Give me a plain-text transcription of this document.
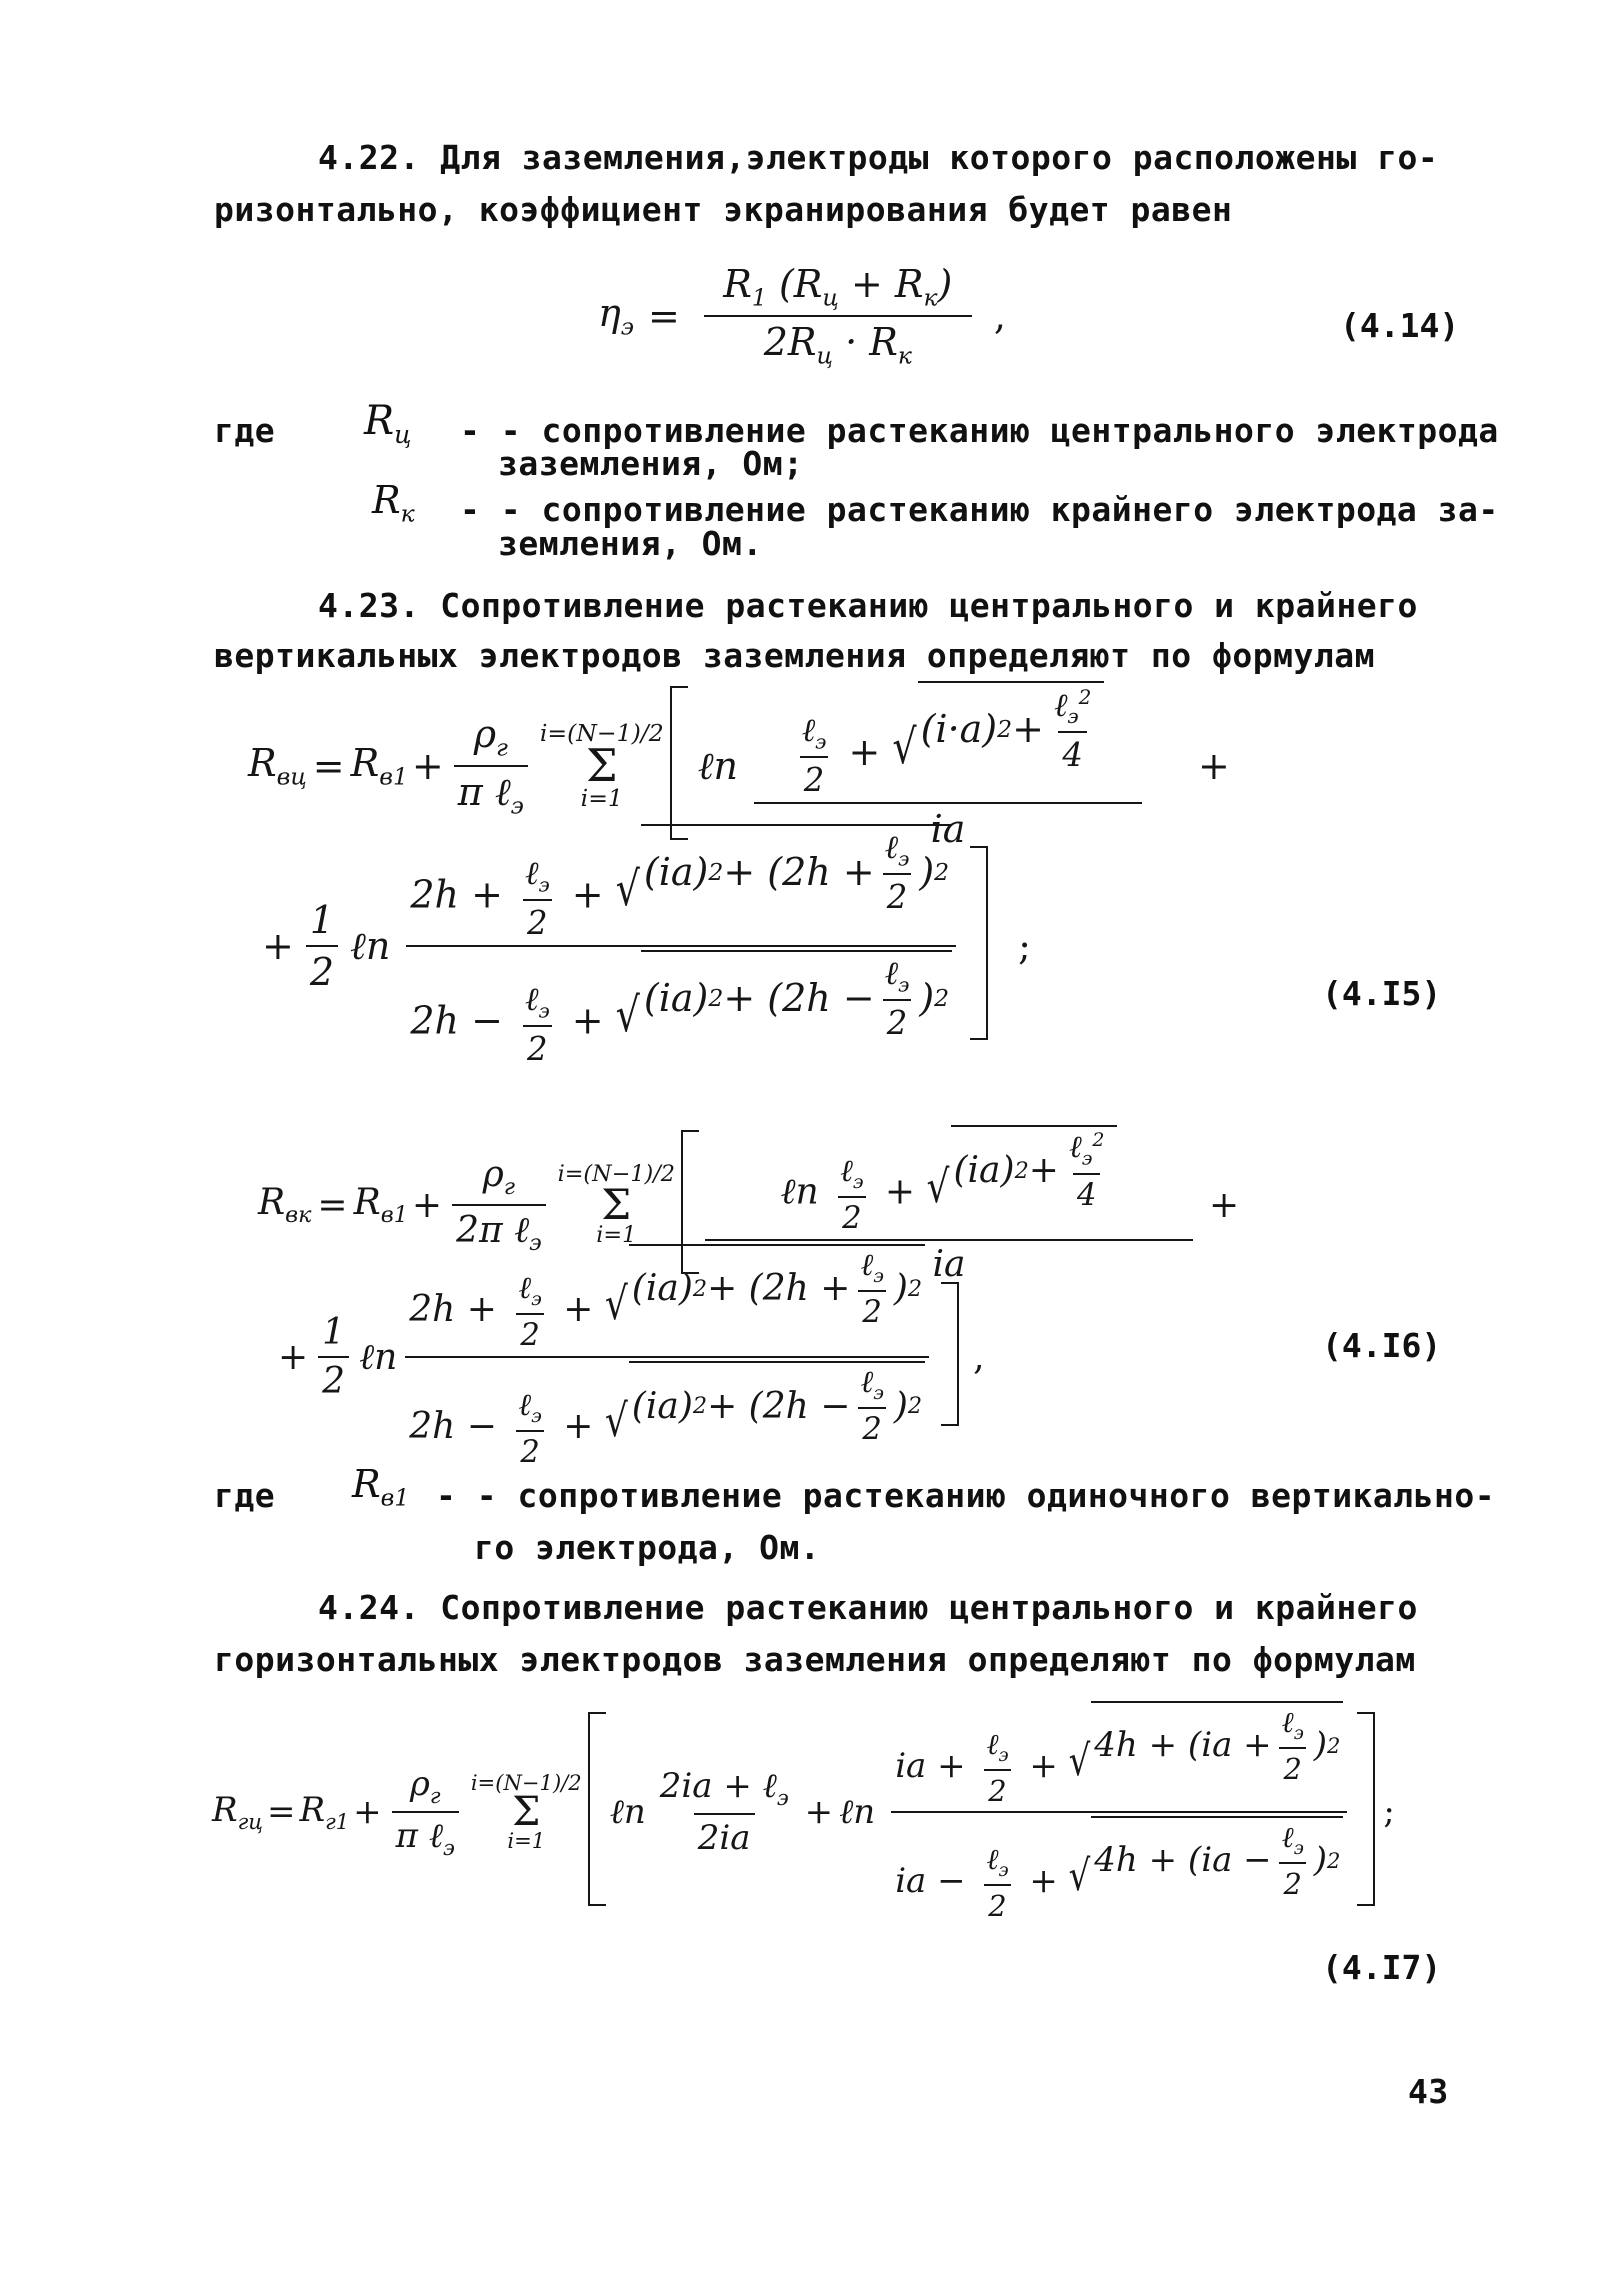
4.22. Для заземления,электроды которого расположены го-
ризонтально, коэффициент экранирования будет равен
$\eta_э = \frac{R_1 (R_ц + R_к)}{2R_ц \cdot R_к}$ ,	(4.14)
где $R_ц$ - - сопротивление растеканию центрального электрода
заземления, Ом;
$R_к$ - - сопротивление растеканию крайнего электрода за-
земления, Ом.
4.23. Сопротивление растеканию центрального и крайнего
вертикальных электродов заземления определяют по формулам
$R_{вц} = R_{в1} + \frac{\rho_г}{\pi \ell_э} i=(N-1)/2$
Σ
i=1
ℓn $\frac{\frac{\ell_э}{2} + √ (i\cdot a) 2 + \frac{\ell_э^2}{4}}{ia}$ +
+ $\frac{1}{2}$ ℓn $\frac{2h + \frac{\ell_э}{2} + √ (ia) 2 + (2h + \frac{\ell_э}{2} ) 2}{2h - \frac{\ell_э}{2} + √ (ia) 2 + (2h - \frac{\ell_э}{2} ) 2}$ ;
(4.I5)
$R_{вк} = R_{в1} + \frac{\rho_г}{2\pi \ell_э} i=(N-1)/2$
Σ
$i=1 \frac{\ell n \frac{\ell_э}{2} + √ (ia) 2 + \frac{\ell_э^2}{4}}{ia}$ +
+ $\frac{1}{2}$ ℓn $\frac{2h + \frac{\ell_э}{2} + √ (ia) 2 + (2h + \frac{\ell_э}{2} ) 2}{2h - \frac{\ell_э}{2} + √ (ia) 2 + (2h - \frac{\ell_э}{2} ) 2}$ ,	(4.I6)
где $R_{в1}$ - - сопротивление растеканию одиночного вертикально-
го электрода, Ом.
4.24. Сопротивление растеканию центрального и крайнего
горизонтальных электродов заземления определяют по формулам
$R_{гц} = R_{г1} + \frac{\rho_г}{\pi \ell_э} i=(N-1)/2$
Σ
i=1
ℓn $\frac{2ia + \ell_э}{2ia}$ + ℓn $\frac{ia + \frac{\ell_э}{2} + √ 4h + (ia + \frac{\ell_э}{2} ) 2}{ia - \frac{\ell_э}{2} + √ 4h + (ia - \frac{\ell_э}{2} ) 2}$ ;
(4.I7)
43
